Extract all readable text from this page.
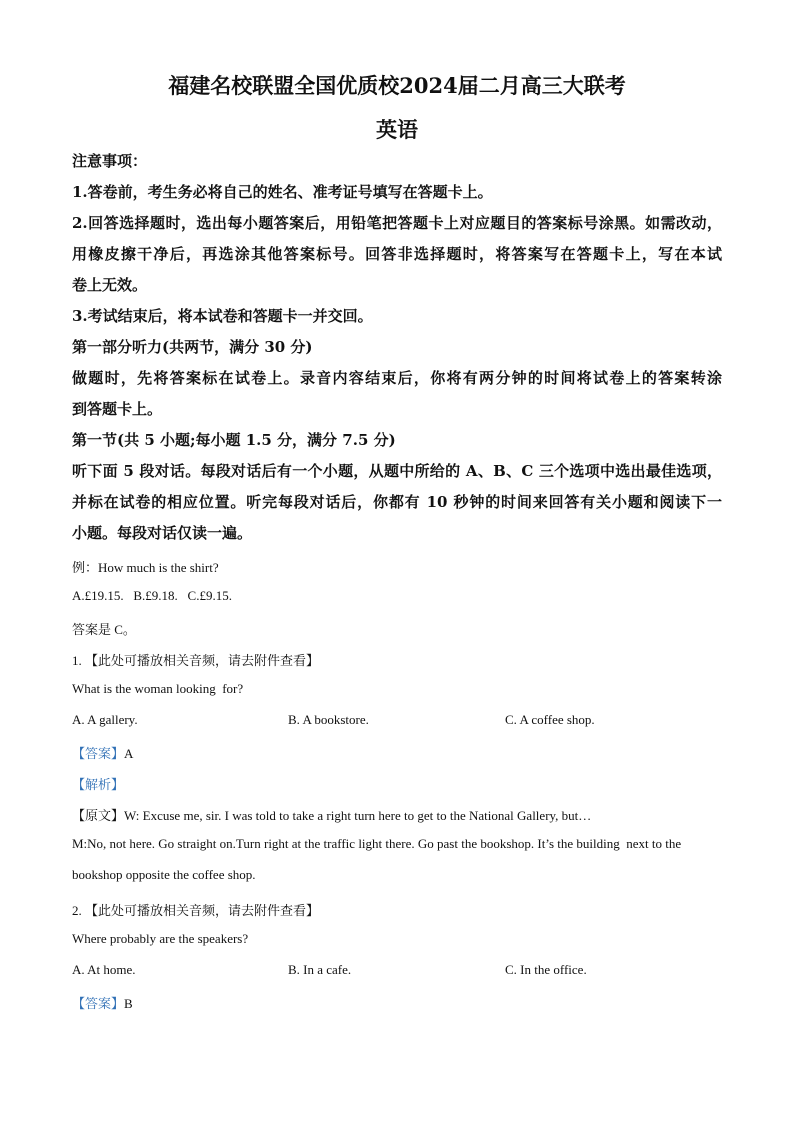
福建名校联盟全国优质校2024届二月高三大联考
英语
注意事项：
1.答卷前，考生务必将自己的姓名、准考证号填写在答题卡上。
2.回答选择题时，选出每小题答案后，用铅笔把答题卡上对应题目的答案标号涂黑。如需改动，
用橡皮擦干净后，再选涂其他答案标号。回答非选择题时，将答案写在答题卡上，写在本试
卷上无效。
3.考试结束后，将本试卷和答题卡一并交回。
第一部分听力(共两节，满分 30 分)
做题时，先将答案标在试卷上。录音内容结束后，你将有两分钟的时间将试卷上的答案转涂
到答题卡上。
第一节(共 5 小题;每小题 1.5 分，满分 7.5 分)
听下面 5 段对话。每段对话后有一个小题，从题中所给的 A、B、C 三个选项中选出最佳选项，
并标在试卷的相应位置。听完每段对话后，你都有 10 秒钟的时间来回答有关小题和阅读下一
小题。每段对话仅读一遍。
例：How much is the shirt?
A.£19.15.   B.£9.18.   C.£9.15.
答案是 C。
1. 【此处可播放相关音频，请去附件查看】
What is the woman looking  for?
A. A gallery.	B. A bookstore.	C. A coffee shop.
【答案】A
【解析】
【原文】W: Excuse me, sir. I was told to take a right turn here to get to the National Gallery, but…
M:No, not here. Go straight on.Turn right at the traffic light there. Go past the bookshop. It’s the building  next to the
bookshop opposite the coffee shop.
2. 【此处可播放相关音频，请去附件查看】
Where probably are the speakers?
A. At home.	B. In a cafe.	C. In the office.
【答案】B
